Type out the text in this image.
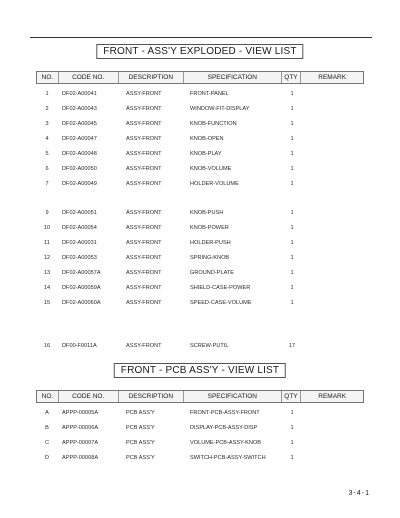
FRONT - ASS'Y EXPLODED - VIEW LIST
NO.	CODE NO.	DESCRIPTION	SPECIFICATION	QTY	REMARK
1	DF02-A00041	ASSY-FRONT	FRONT-PANEL	1
2	DF02-A00043	ASSY-FRONT	WINDOW-FIT-DISPLAY	1
3	DF02-A00045	ASSY-FRONT	KNOB-FUNCTION	1
4	DF02-A00047	ASSY-FRONT	KNOB-OPEN	1
5	DF02-A00048	ASSY-FRONT	KNOB-PLAY	1
6	DF02-A00050	ASSY-FRONT	KNOB-VOLUME	1
7	DF02-A00049	ASSY-FRONT	HOLDER-VOLUME	1
9	DF02-A00051	ASSY-FRONT	KNOB-PUSH	1
10	DF02-A00054	ASSY-FRONT	KNOB-POWER	1
11	DF02-A00031	ASSY-FRONT	HOLDER-PUSH	1
12	DF02-A00053	ASSY-FRONT	SPRING-KNOB	1
13	DF02-A00057A	ASSY-FRONT	GROUND-PLATE	1
14	DF02-A00059A	ASSY-FRONT	SHIELD-CASE-POWER	1
15	DF02-A00060A	ASSY-FRONT	SPEED-CASE-VOLUME	1
16	DF00-F0011A	ASSY-FRONT	SCREW-PUTIL	17
FRONT - PCB ASS'Y - VIEW LIST
NO.	CODE NO.	DESCRIPTION	SPECIFICATION	QTY	REMARK
A	APPP-00005A	PCB ASS'Y	FRONT-PCB-ASSY-FRONT	1
B	APPP-00006A	PCB ASS'Y	DISPLAY-PCB-ASSY-DISP	1
C	APPP-00007A	PCB ASS'Y	VOLUME-PCB-ASSY-KNOB	1
D	APPP-00008A	PCB ASS'Y	SWITCH-PCB-ASSY-SWITCH	1
3-4-1
